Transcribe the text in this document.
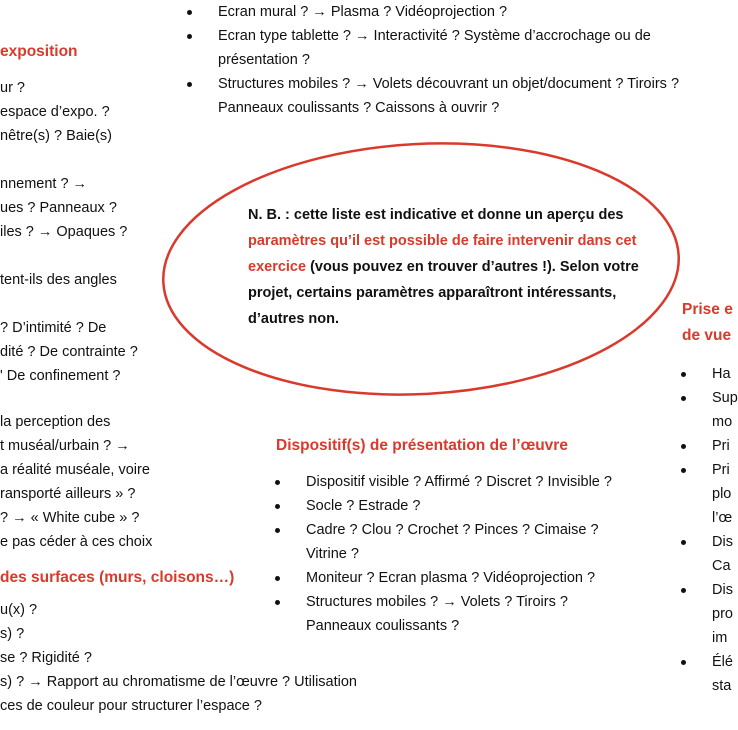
Ecran mural ? → Plasma ? Vidéoprojection ?
Ecran type tablette ? → Interactivité ? Système d’accrochage ou de
présentation ?
Structures mobiles ? → Volets découvrant un objet/document ? Tiroirs ?
Panneaux coulissants ? Caissons à ouvrir ?
exposition
ur ?
espace d’expo. ?
nêtre(s) ? Baie(s)
nnement ? →
ues ? Panneaux ?
iles ? → Opaques ?
tent-ils des angles
? D’intimité ? De
dité ? De contrainte ?
' De confinement ?
la perception des
t muséal/urbain ? →
a réalité muséale, voire
ransporté ailleurs » ?
? → « White cube » ?
e pas céder à ces choix
des surfaces (murs, cloisons…)
u(x) ?
s) ?
se ? Rigidité ?
s) ? → Rapport au chromatisme de l’œuvre ? Utilisation
ces de couleur pour structurer l’espace ?
N. B. : cette liste est indicative et donne un aperçu des paramètres qu’il est possible de faire intervenir dans cet exercice (vous pouvez en trouver d’autres !). Selon votre projet, certains paramètres apparaîtront intéressants, d’autres non.
Dispositif(s) de présentation de l’œuvre
Dispositif visible ? Affirmé ? Discret ? Invisible ?
Socle ? Estrade ?
Cadre ? Clou ? Crochet ? Pinces ? Cimaise ?
Vitrine ?
Moniteur ? Ecran plasma ? Vidéoprojection ?
Structures mobiles ? → Volets ? Tiroirs ?
Panneaux coulissants ?
Prise e
de vue
Ha
Sup
mo
Pri
Pri
plo
l’œ
Dis
Ca
Dis
pro
im
Élé
sta
